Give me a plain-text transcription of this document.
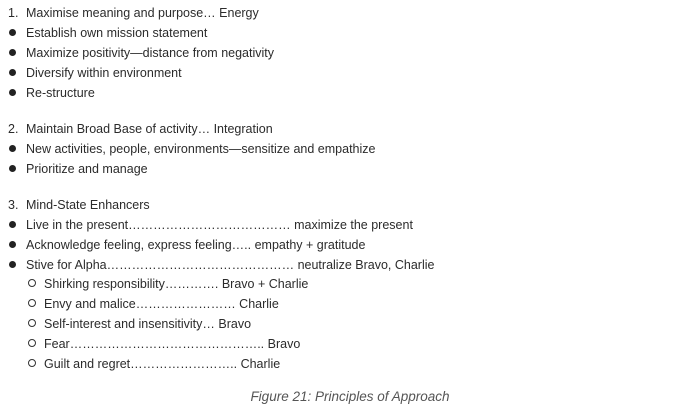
1. Maximise meaning and purpose… Energy
Establish own mission statement
Maximize positivity—distance from negativity
Diversify within environment
Re-structure
2. Maintain Broad Base of activity… Integration
New activities, people, environments—sensitize and empathize
Prioritize and manage
3. Mind-State Enhancers
Live in the present………………………………… maximize the present
Acknowledge feeling, express feeling….. empathy + gratitude
Stive for Alpha……………………………………… neutralize Bravo, Charlie
Shirking responsibility…………. Bravo + Charlie
Envy and malice…………………… Charlie
Self-interest and insensitivity… Bravo
Fear……………………………………….. Bravo
Guilt and regret…………………….. Charlie
Figure 21: Principles of Approach
